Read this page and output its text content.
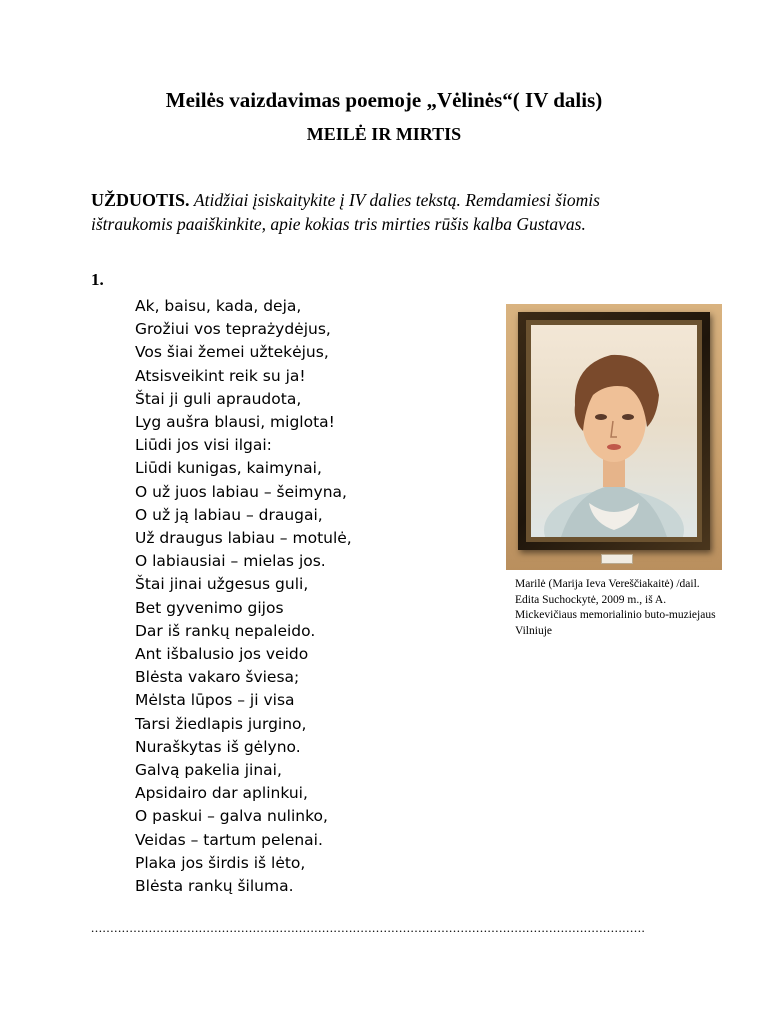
Meilės vaizdavimas poemoje „Vėlinės“( IV dalis)
MEILĖ IR MIRTIS
UŽDUOTIS. Atidžiai įsiskaitykite į IV dalies tekstą. Remdamiesi šiomis ištraukomis paaiškinkite, apie kokias tris mirties rūšis kalba Gustavas.
1.
Ak, baisu, kada, deja,
Grožiui vos teprażydėjus,
Vos šiai žemei užtekėjus,
Atsisveikint reik su ja!
Štai ji guli apraudota,
Lyg aušra blausi, miglota!
Liūdi jos visi ilgai:
Liūdi kunigas, kaimynai,
O už juos labiau – šeimyna,
O už ją labiau – draugai,
Už draugus labiau – motulė,
O labiausiai – mielas jos.
Štai jinai užgesus guli,
Bet gyvenimo gijos
Dar iš rankų nepaleido.
Ant išbalusio jos veido
Blėsta vakaro šviesa;
Mėlsta lūpos – ji visa
Tarsi žiedlapis jurgino,
Nuraškytas iš gėlyno.
Galvą pakelia jinai,
Apsidairo dar aplinkui,
O paskui – galva nulinko,
Veidas – tartum pelenai.
Plaka jos širdis iš lėto,
Blėsta rankų šiluma.
Marilė (Marija Ieva Vereščiakaitė) /dail. Edita Suchockytė, 2009 m., iš A. Mickevičiaus memorialinio buto-muziejaus Vilniuje
................................................................................................................................................
